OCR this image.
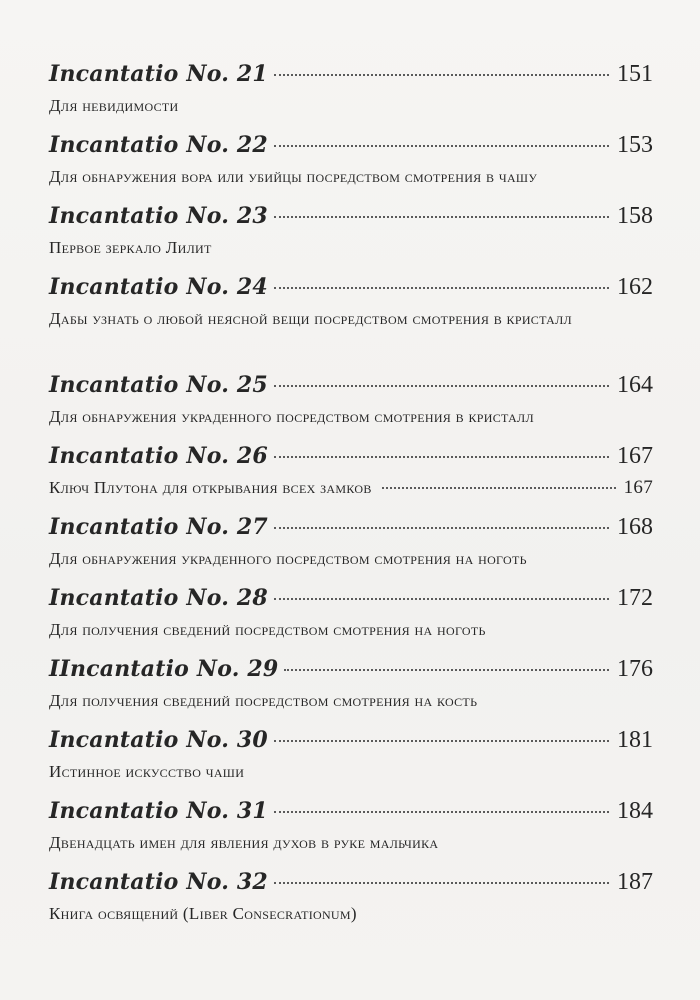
Incantatio No. 21	151
Для невидимости
Incantatio No. 22	153
Для обнаружения вора или убийцы посредством смотрения в чашу
Incantatio No. 23	158
Первое зеркало Лилит
Incantatio No. 24	162
Дабы узнать о любой неясной вещи посредством смотрения в кристалл
Incantatio No. 25	164
Для обнаружения украденного посредством смотрения в кристалл
Incantatio No. 26	167
Ключ Плутона для открывания всех замков	167
Incantatio No. 27	168
Для обнаружения украденного посредством смотрения на ноготь
Incantatio No. 28	172
Для получения сведений посредством смотрения на ноготь
IIncantatio No. 29	176
Для получения сведений посредством смотрения на кость
Incantatio No. 30	181
Истинное искусство чаши
Incantatio No. 31	184
Двенадцать имен для явления духов в руке мальчика
Incantatio No. 32	187
Книга освящений (Liber Consecrationum)
